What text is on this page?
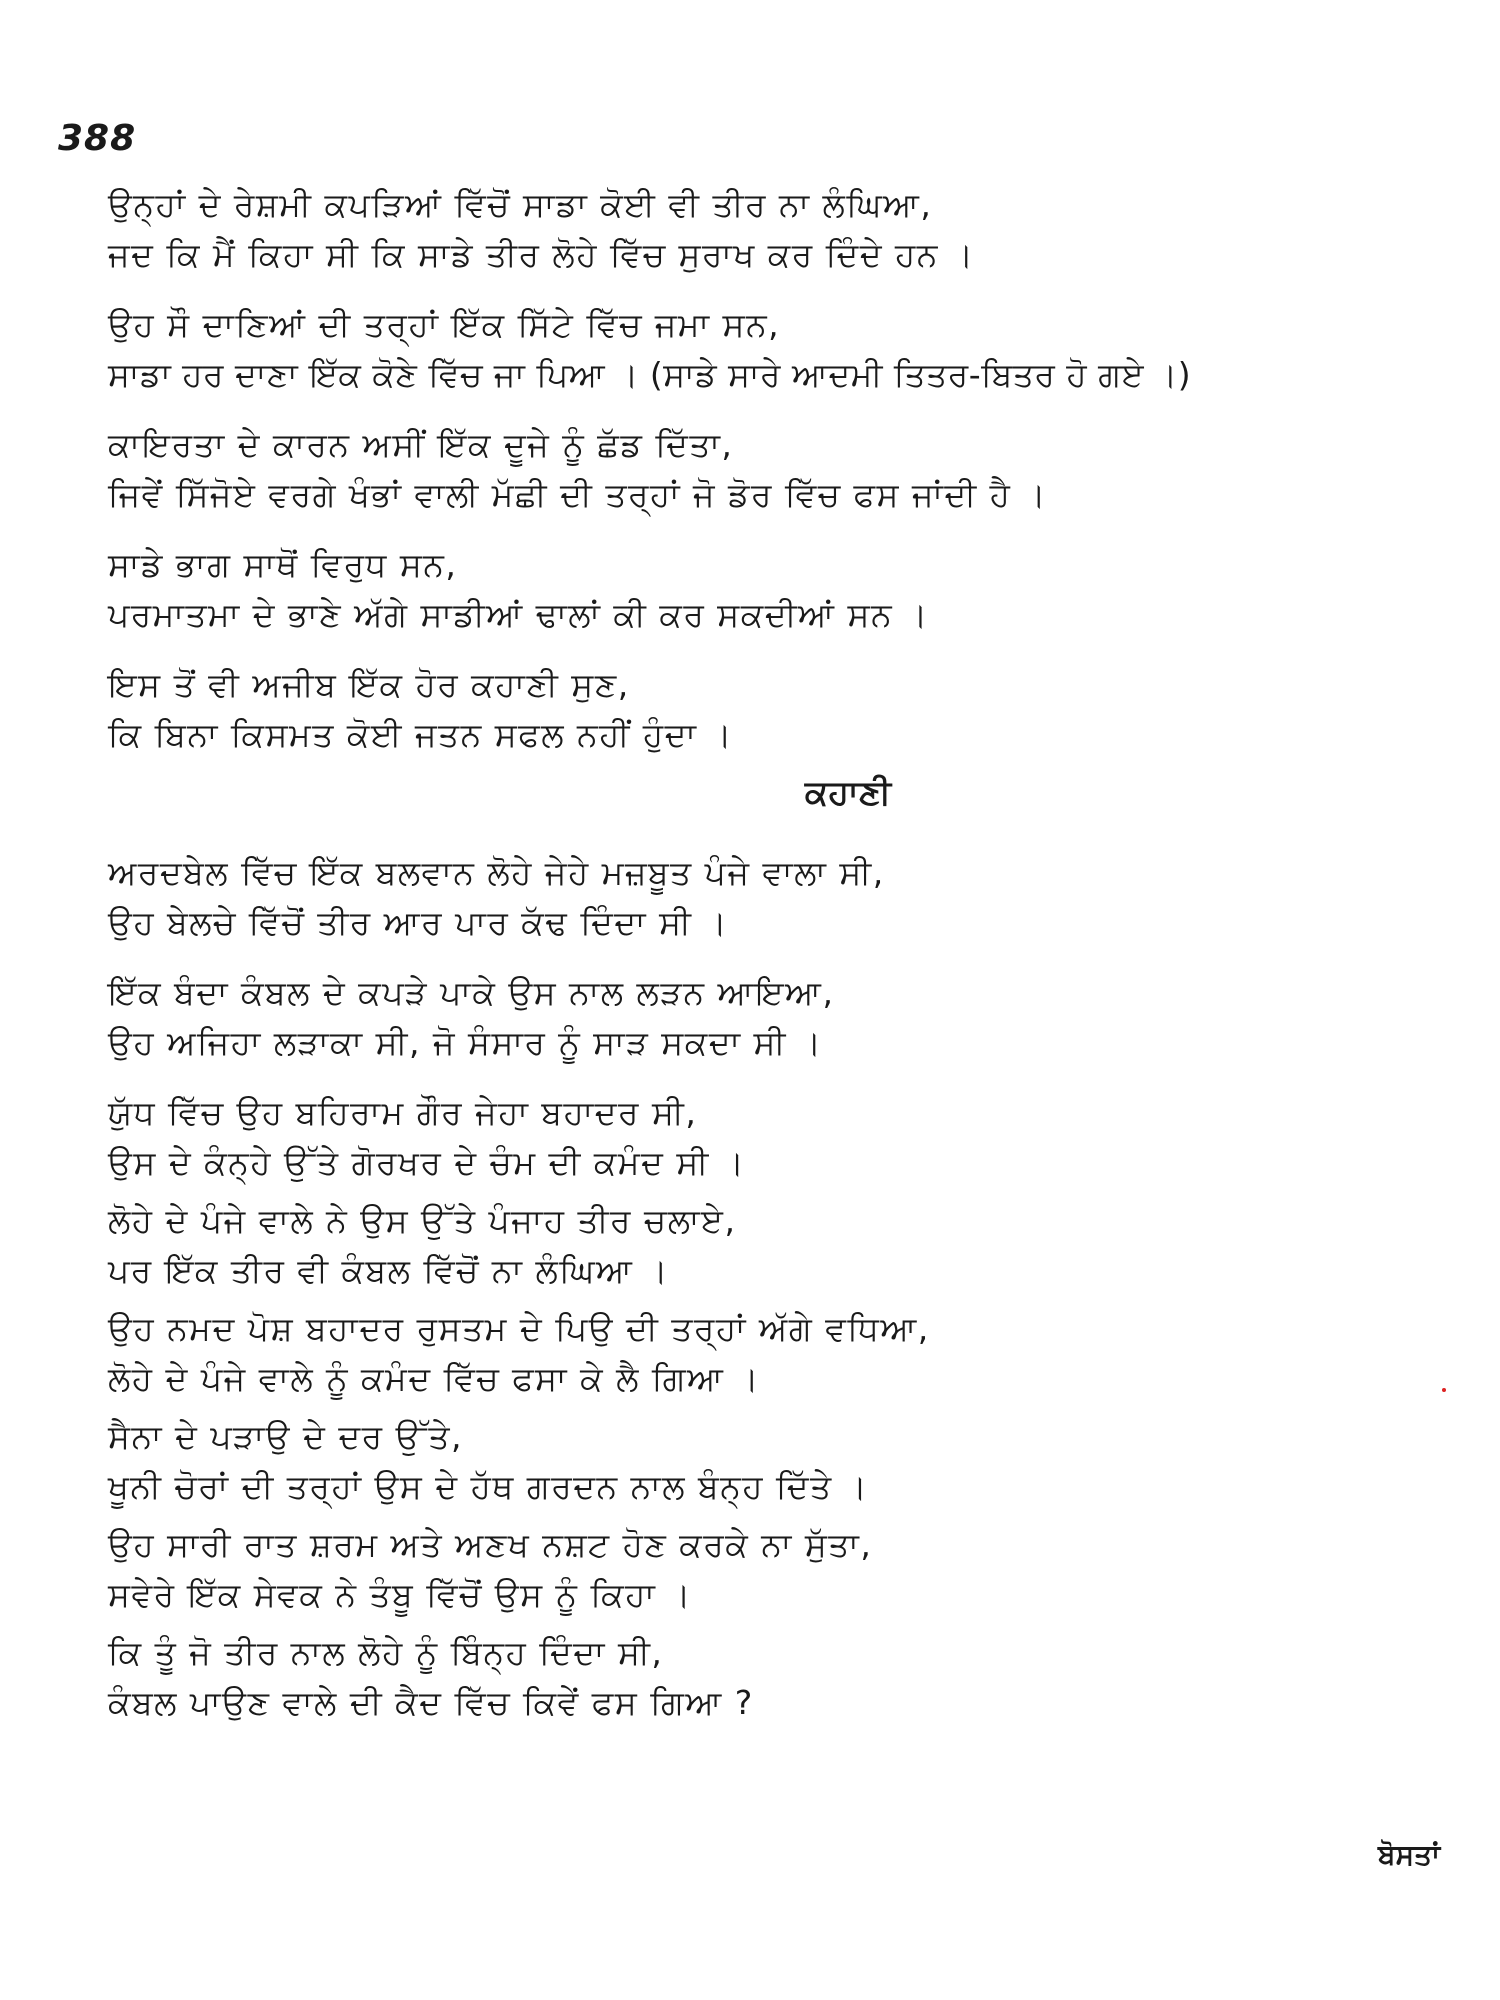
388
ਉਨ੍ਹਾਂ ਦੇ ਰੇਸ਼ਮੀ ਕਪੜਿਆਂ ਵਿੱਚੋਂ ਸਾਡਾ ਕੋਈ ਵੀ ਤੀਰ ਨਾ ਲੰਘਿਆ,
ਜਦ ਕਿ ਮੈਂ ਕਿਹਾ ਸੀ ਕਿ ਸਾਡੇ ਤੀਰ ਲੋਹੇ ਵਿੱਚ ਸੁਰਾਖ ਕਰ ਦਿੰਦੇ ਹਨ ।
ਉਹ ਸੌ ਦਾਣਿਆਂ ਦੀ ਤਰ੍ਹਾਂ ਇੱਕ ਸਿੱਟੇ ਵਿੱਚ ਜਮਾ ਸਨ,
ਸਾਡਾ ਹਰ ਦਾਣਾ ਇੱਕ ਕੋਣੇ ਵਿੱਚ ਜਾ ਪਿਆ । (ਸਾਡੇ ਸਾਰੇ ਆਦਮੀ ਤਿਤਰ-ਬਿਤਰ ਹੋ ਗਏ ।)
ਕਾਇਰਤਾ ਦੇ ਕਾਰਨ ਅਸੀਂ ਇੱਕ ਦੂਜੇ ਨੂੰ ਛੱਡ ਦਿੱਤਾ,
ਜਿਵੇਂ ਸਿੱਜੋਏ ਵਰਗੇ ਖੰਭਾਂ ਵਾਲੀ ਮੱਛੀ ਦੀ ਤਰ੍ਹਾਂ ਜੋ ਡੋਰ ਵਿੱਚ ਫਸ ਜਾਂਦੀ ਹੈ ।
ਸਾਡੇ ਭਾਗ ਸਾਥੋਂ ਵਿਰੁਧ ਸਨ,
ਪਰਮਾਤਮਾ ਦੇ ਭਾਣੇ ਅੱਗੇ ਸਾਡੀਆਂ ਢਾਲਾਂ ਕੀ ਕਰ ਸਕਦੀਆਂ ਸਨ ।
ਇਸ ਤੋਂ ਵੀ ਅਜੀਬ ਇੱਕ ਹੋਰ ਕਹਾਣੀ ਸੁਣ,
ਕਿ ਬਿਨਾ ਕਿਸਮਤ ਕੋਈ ਜਤਨ ਸਫਲ ਨਹੀਂ ਹੁੰਦਾ ।
ਕਹਾਣੀ
ਅਰਦਬੇਲ ਵਿੱਚ ਇੱਕ ਬਲਵਾਨ ਲੋਹੇ ਜੇਹੇ ਮਜ਼ਬੂਤ ਪੰਜੇ ਵਾਲਾ ਸੀ,
ਉਹ ਬੇਲਚੇ ਵਿੱਚੋਂ ਤੀਰ ਆਰ ਪਾਰ ਕੱਢ ਦਿੰਦਾ ਸੀ ।
ਇੱਕ ਬੰਦਾ ਕੰਬਲ ਦੇ ਕਪੜੇ ਪਾਕੇ ਉਸ ਨਾਲ ਲੜਨ ਆਇਆ,
ਉਹ ਅਜਿਹਾ ਲੜਾਕਾ ਸੀ, ਜੋ ਸੰਸਾਰ ਨੂੰ ਸਾੜ ਸਕਦਾ ਸੀ ।
ਯੁੱਧ ਵਿੱਚ ਉਹ ਬਹਿਰਾਮ ਗੌਰ ਜੇਹਾ ਬਹਾਦਰ ਸੀ,
ਉਸ ਦੇ ਕੰਨ੍ਹੇ ਉੱਤੇ ਗੋਰਖਰ ਦੇ ਚੰਮ ਦੀ ਕਮੰਦ ਸੀ ।
ਲੋਹੇ ਦੇ ਪੰਜੇ ਵਾਲੇ ਨੇ ਉਸ ਉੱਤੇ ਪੰਜਾਹ ਤੀਰ ਚਲਾਏ,
ਪਰ ਇੱਕ ਤੀਰ ਵੀ ਕੰਬਲ ਵਿੱਚੋਂ ਨਾ ਲੰਘਿਆ ।
ਉਹ ਨਮਦ ਪੋਸ਼ ਬਹਾਦਰ ਰੁਸਤਮ ਦੇ ਪਿਉ ਦੀ ਤਰ੍ਹਾਂ ਅੱਗੇ ਵਧਿਆ,
ਲੋਹੇ ਦੇ ਪੰਜੇ ਵਾਲੇ ਨੂੰ ਕਮੰਦ ਵਿੱਚ ਫਸਾ ਕੇ ਲੈ ਗਿਆ ।
ਸੈਨਾ ਦੇ ਪੜਾਉ ਦੇ ਦਰ ਉੱਤੇ,
ਖੂਨੀ ਚੋਰਾਂ ਦੀ ਤਰ੍ਹਾਂ ਉਸ ਦੇ ਹੱਥ ਗਰਦਨ ਨਾਲ ਬੰਨ੍ਹ ਦਿੱਤੇ ।
ਉਹ ਸਾਰੀ ਰਾਤ ਸ਼ਰਮ ਅਤੇ ਅਣਖ ਨਸ਼ਟ ਹੋਣ ਕਰਕੇ ਨਾ ਸੁੱਤਾ,
ਸਵੇਰੇ ਇੱਕ ਸੇਵਕ ਨੇ ਤੰਬੂ ਵਿੱਚੋਂ ਉਸ ਨੂੰ ਕਿਹਾ ।
ਕਿ ਤੂੰ ਜੋ ਤੀਰ ਨਾਲ ਲੋਹੇ ਨੂੰ ਬਿੰਨ੍ਹ ਦਿੰਦਾ ਸੀ,
ਕੰਬਲ ਪਾਉਣ ਵਾਲੇ ਦੀ ਕੈਦ ਵਿੱਚ ਕਿਵੇਂ ਫਸ ਗਿਆ ?
ਬੋਸਤਾਂ
